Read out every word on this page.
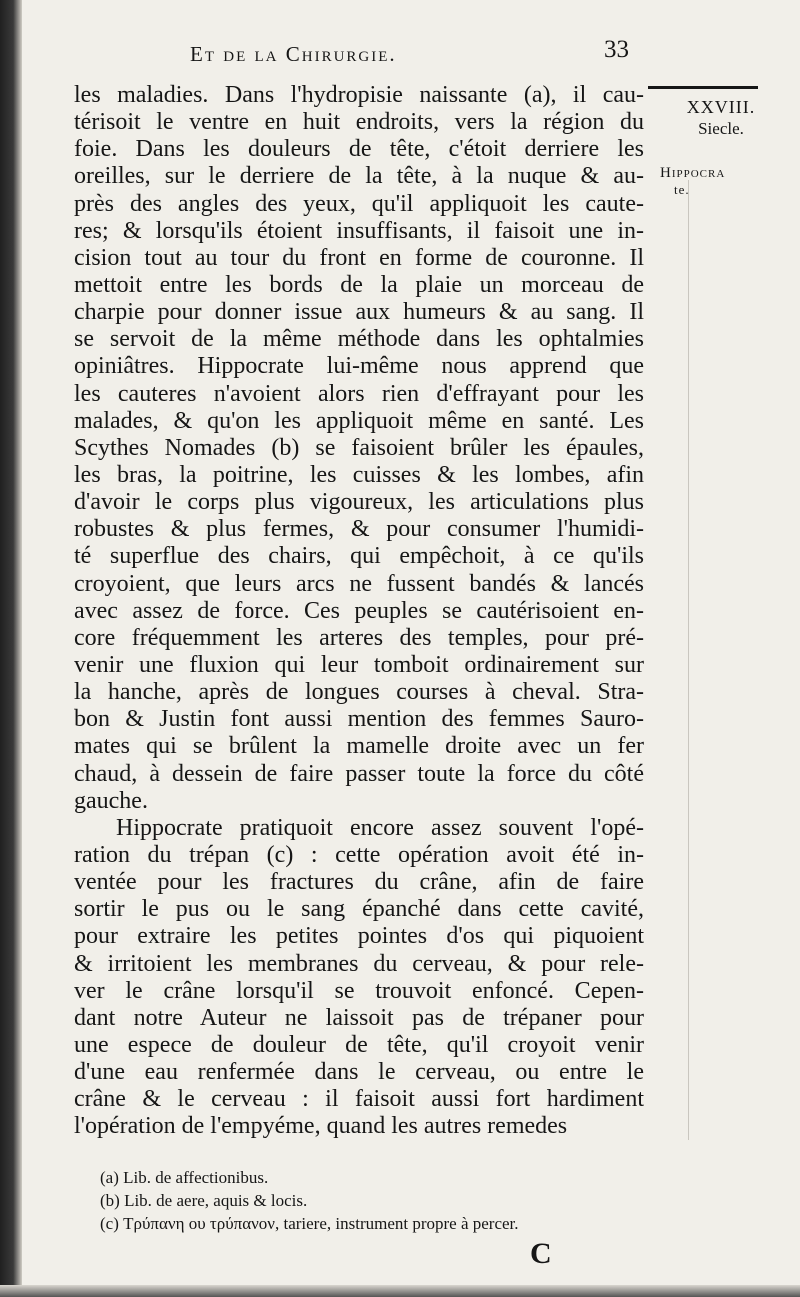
Et de la Chirurgie.	33
XXVIII.
Siecle.
Hippocra
te.
les maladies. Dans l'hydropisie naissante (a), il cau-
térisoit le ventre en huit endroits, vers la région du
foie. Dans les douleurs de tête, c'étoit derriere les
oreilles, sur le derriere de la tête, à la nuque & au-
près des angles des yeux, qu'il appliquoit les caute-
res; & lorsqu'ils étoient insuffisants, il faisoit une in-
cision tout au tour du front en forme de couronne. Il
mettoit entre les bords de la plaie un morceau de
charpie pour donner issue aux humeurs & au sang. Il
se servoit de la même méthode dans les ophtalmies
opiniâtres. Hippocrate lui-même nous apprend que
les cauteres n'avoient alors rien d'effrayant pour les
malades, & qu'on les appliquoit même en santé. Les
Scythes Nomades (b) se faisoient brûler les épaules,
les bras, la poitrine, les cuisses & les lombes, afin
d'avoir le corps plus vigoureux, les articulations plus
robustes & plus fermes, & pour consumer l'humidi-
té superflue des chairs, qui empêchoit, à ce qu'ils
croyoient, que leurs arcs ne fussent bandés & lancés
avec assez de force. Ces peuples se cautérisoient en-
core fréquemment les arteres des temples, pour pré-
venir une fluxion qui leur tomboit ordinairement sur
la hanche, après de longues courses à cheval. Stra-
bon & Justin font aussi mention des femmes Sauro-
mates qui se brûlent la mamelle droite avec un fer
chaud, à dessein de faire passer toute la force du côté
gauche.
Hippocrate pratiquoit encore assez souvent l'opé-
ration du trépan (c) : cette opération avoit été in-
ventée pour les fractures du crâne, afin de faire
sortir le pus ou le sang épanché dans cette cavité,
pour extraire les petites pointes d'os qui piquoient
& irritoient les membranes du cerveau, & pour rele-
ver le crâne lorsqu'il se trouvoit enfoncé. Cepen-
dant notre Auteur ne laissoit pas de trépaner pour
une espece de douleur de tête, qu'il croyoit venir
d'une eau renfermée dans le cerveau, ou entre le
crâne & le cerveau : il faisoit aussi fort hardiment
l'opération de l'empyéme, quand les autres remedes
(a) Lib. de affectionibus.
(b) Lib. de aere, aquis & locis.
(c) Τρύπανη ου τρύπανον, tariere, instrument propre à percer.
C
